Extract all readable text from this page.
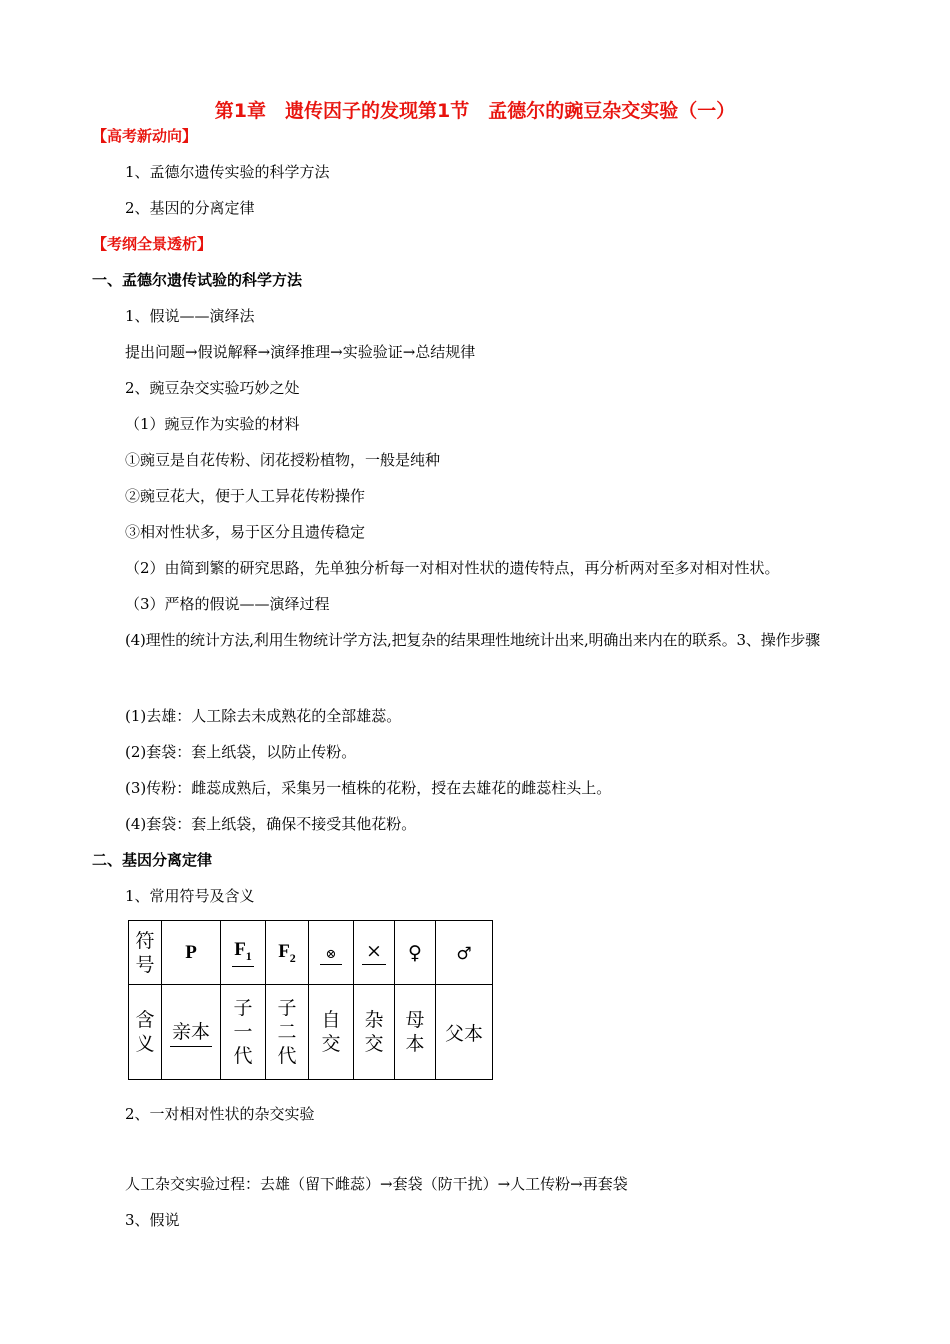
第1章　遗传因子的发现第1节　孟德尔的豌豆杂交实验（一）
【高考新动向】
1、孟德尔遗传实验的科学方法
2、基因的分离定律
【考纲全景透析】
一、孟德尔遗传试验的科学方法
1、假说——演绎法
提出问题→假说解释→演绎推理→实验验证→总结规律
2、豌豆杂交实验巧妙之处
（1）豌豆作为实验的材料
①豌豆是自花传粉、闭花授粉植物，一般是纯种
②豌豆花大，便于人工异花传粉操作
③相对性状多，易于区分且遗传稳定
（2）由简到繁的研究思路，先单独分析每一对相对性状的遗传特点，再分析两对至多对相对性状。
（3）严格的假说——演绎过程
(4)理性的统计方法,利用生物统计学方法,把复杂的结果理性地统计出来,明确出来内在的联系。3、操作步骤
(1)去雄：人工除去未成熟花的全部雄蕊。
(2)套袋：套上纸袋，以防止传粉。
(3)传粉：雌蕊成熟后，采集另一植株的花粉，授在去雄花的雌蕊柱头上。
(4)套袋：套上纸袋，确保不接受其他花粉。
二、基因分离定律
1、常用符号及含义
符
号	P	$F_1$	$F_2$	⊗	×	♀	♂

含
义	亲本	子
一
代	子
二
代	自
交	杂
交	母
本	父本
2、一对相对性状的杂交实验
人工杂交实验过程：去雄（留下雌蕊）→套袋（防干扰）→人工传粉→再套袋
3、假说
